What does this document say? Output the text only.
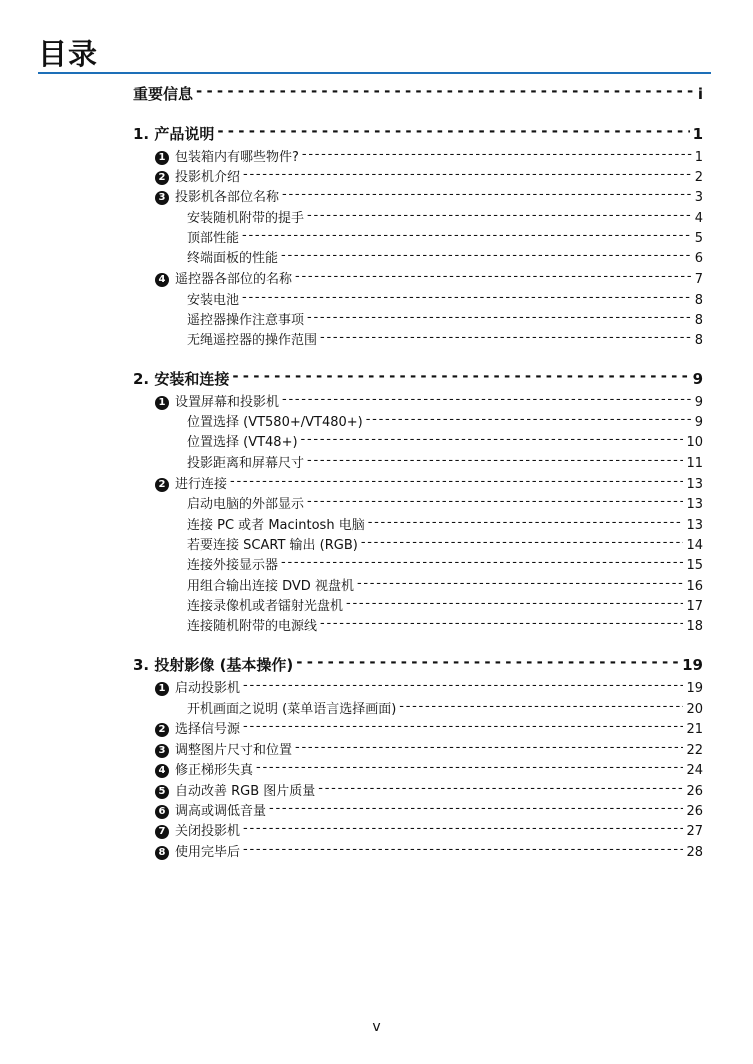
目录
重要信息 - - -	i
1. 产品说明 - - -	1
1 包装箱内有哪些物件? - - -	1
2 投影机介绍 - - -	2
3 投影机各部位名称 - - -	3
安装随机附带的提手 - - -	4
顶部性能 - - -	5
终端面板的性能 - - -	6
4 遥控器各部位的名称 - - -	7
安装电池 - - -	8
遥控器操作注意事项 - - -	8
无绳遥控器的操作范围 - - -	8
2. 安装和连接 - - -	9
1 设置屏幕和投影机 - - -	9
位置选择 (VT580+/VT480+) - - -	9
位置选择 (VT48+) - - -	10
投影距离和屏幕尺寸 - - -	11
2 进行连接 - - -	13
启动电脑的外部显示 - - -	13
连接 PC 或者 Macintosh 电脑 - - -	13
若要连接 SCART 输出 (RGB) - - -	14
连接外接显示器 - - -	15
用组合输出连接 DVD 视盘机 - - -	16
连接录像机或者镭射光盘机 - - -	17
连接随机附带的电源线 - - -	18
3. 投射影像 (基本操作) - - -	19
1 启动投影机 - - -	19
开机画面之说明 (菜单语言选择画面) - - -	20
2 选择信号源 - - -	21
3 调整图片尺寸和位置 - - -	22
4 修正梯形失真 - - -	24
5 自动改善 RGB 图片质量 - - -	26
6 调高或调低音量 - - -	26
7 关闭投影机 - - -	27
8 使用完毕后 - - -	28
v
